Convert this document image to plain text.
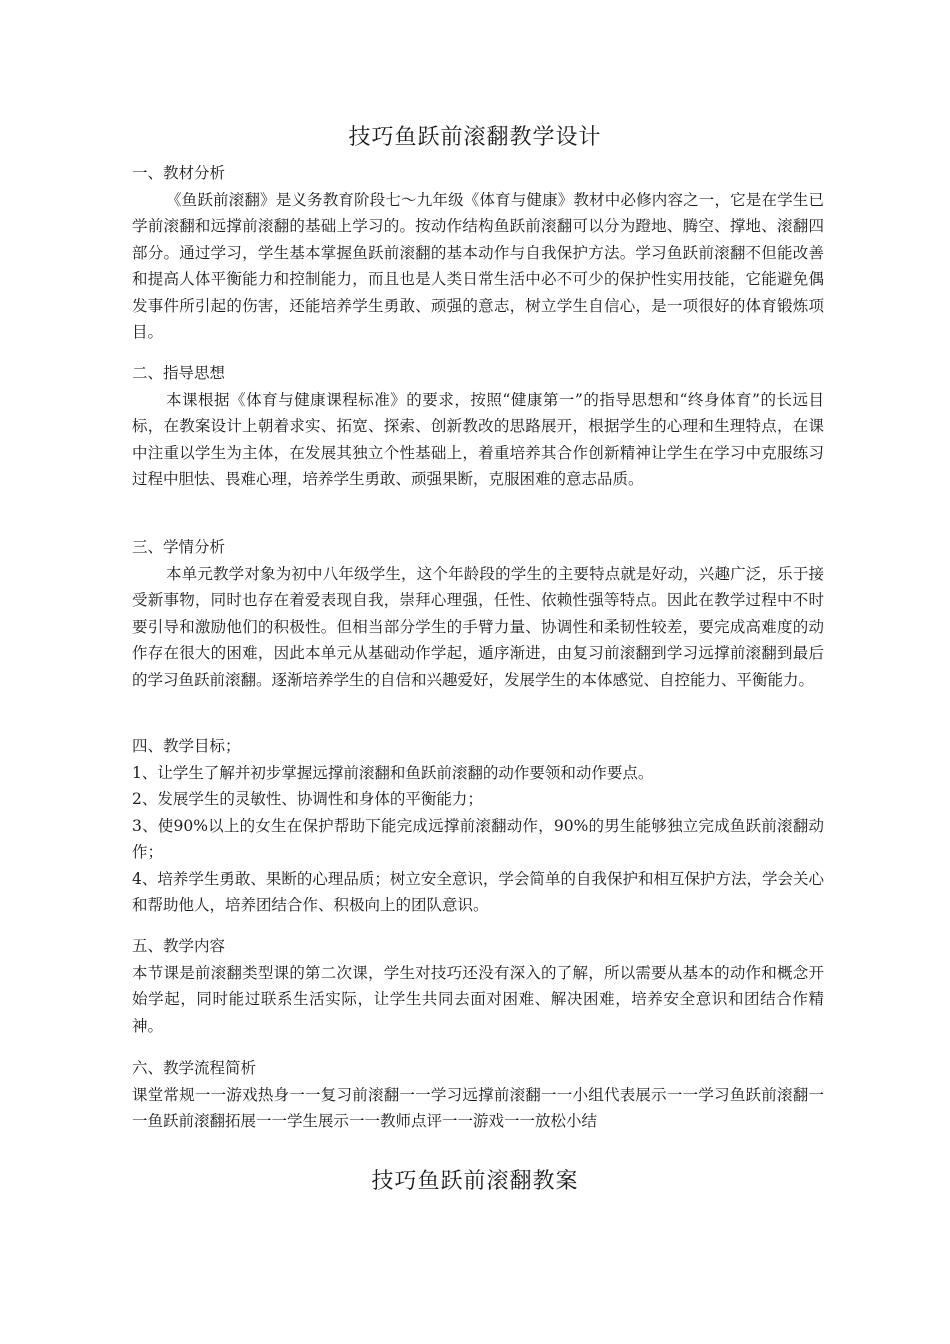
技巧鱼跃前滚翻教学设计
一、教材分析
《鱼跃前滚翻》是义务教育阶段七～九年级《体育与健康》教材中必修内容之一，它是在学生已学前滚翻和远撑前滚翻的基础上学习的。按动作结构鱼跃前滚翻可以分为蹬地、腾空、撑地、滚翻四部分。通过学习，学生基本掌握鱼跃前滚翻的基本动作与自我保护方法。学习鱼跃前滚翻不但能改善和提高人体平衡能力和控制能力，而且也是人类日常生活中必不可少的保护性实用技能，它能避免偶发事件所引起的伤害，还能培养学生勇敢、顽强的意志，树立学生自信心，是一项很好的体育锻炼项目。
二、指导思想
本课根据《体育与健康课程标准》的要求，按照“健康第一”的指导思想和“终身体育”的长远目标，在教案设计上朝着求实、拓宽、探索、创新教改的思路展开，根据学生的心理和生理特点，在课中注重以学生为主体，在发展其独立个性基础上，着重培养其合作创新精神让学生在学习中克服练习过程中胆怯、畏难心理，培养学生勇敢、顽强果断，克服困难的意志品质。
三、学情分析
本单元教学对象为初中八年级学生，这个年龄段的学生的主要特点就是好动，兴趣广泛，乐于接受新事物，同时也存在着爱表现自我，崇拜心理强，任性、依赖性强等特点。因此在教学过程中不时要引导和激励他们的积极性。但相当部分学生的手臂力量、协调性和柔韧性较差，要完成高难度的动作存在很大的困难，因此本单元从基础动作学起，遁序渐进，由复习前滚翻到学习远撑前滚翻到最后的学习鱼跃前滚翻。逐渐培养学生的自信和兴趣爱好，发展学生的本体感觉、自控能力、平衡能力。
四、教学目标；
1、让学生了解并初步掌握远撑前滚翻和鱼跃前滚翻的动作要领和动作要点。
2、发展学生的灵敏性、协调性和身体的平衡能力；
3、使90%以上的女生在保护帮助下能完成远撑前滚翻动作，90%的男生能够独立完成鱼跃前滚翻动作；
4、培养学生勇敢、果断的心理品质；树立安全意识，学会简单的自我保护和相互保护方法，学会关心和帮助他人，培养团结合作、积极向上的团队意识。
五、教学内容
本节课是前滚翻类型课的第二次课，学生对技巧还没有深入的了解，所以需要从基本的动作和概念开始学起，同时能过联系生活实际，让学生共同去面对困难、解决困难，培养安全意识和团结合作精神。
六、教学流程简析
课堂常规一一游戏热身一一复习前滚翻一一学习远撑前滚翻一一小组代表展示一一学习鱼跃前滚翻一一鱼跃前滚翻拓展一一学生展示一一教师点评一一游戏一一放松小结
技巧鱼跃前滚翻教案
